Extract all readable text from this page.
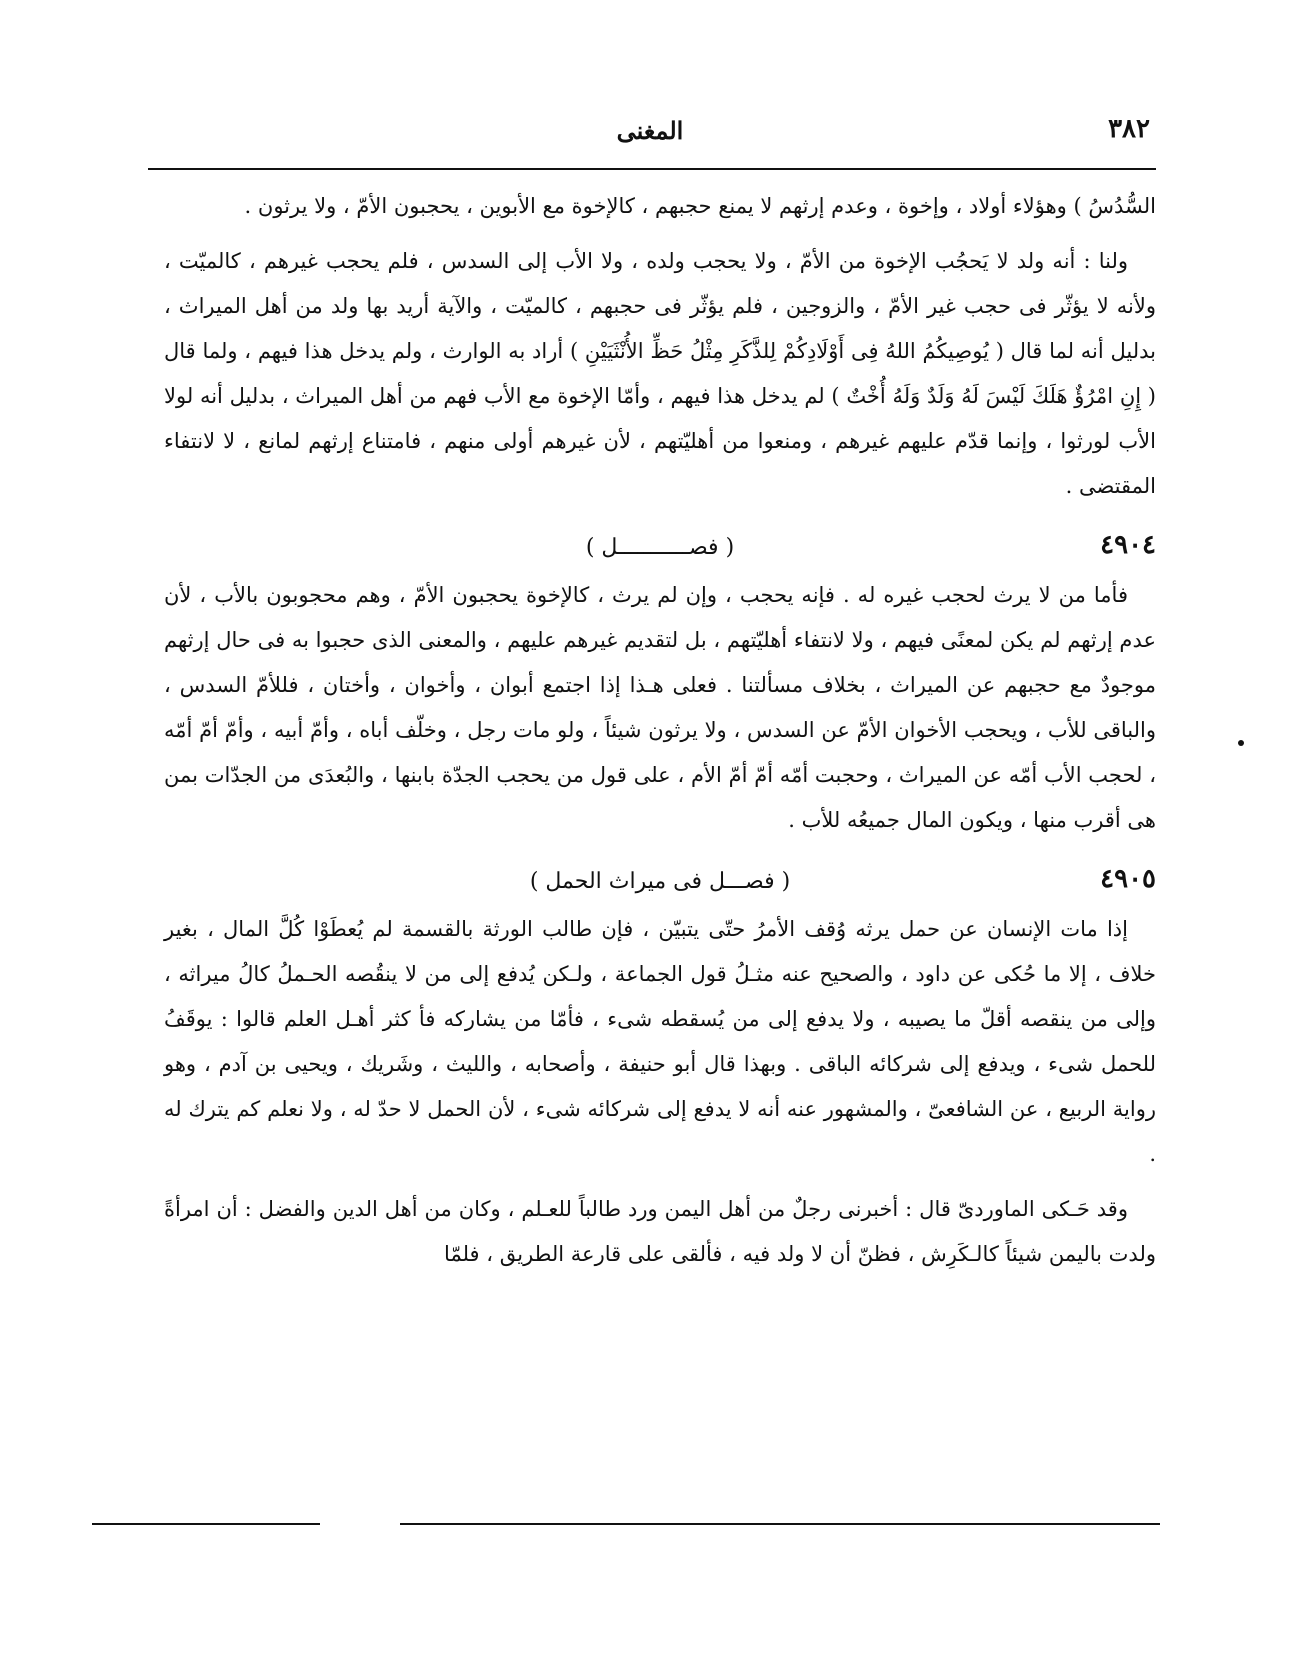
٣٨٢
المغنى

السُّدُسُ ) وهؤلاء أولاد ، وإخوة ، وعدم إرثهم لا يمنع حجبهم ، كالإخوة مع الأبوين ، يحجبون الأمّ ، ولا يرثون .

ولنا : أنه ولد لا يَحجُب الإخوة من الأمّ ، ولا يحجب ولده ، ولا الأب إلى السدس ، فلم يحجب غيرهم ، كالميّت ، ولأنه لا يؤثّر فى حجب غير الأمّ ، والزوجين ، فلم يؤثّر فى حجبهم ، كالميّت ، والآية أريد بها ولد من أهل الميراث ، بدليل أنه لما قال ( يُوصِيكُمُ اللهُ فِى أَوْلَادِكُمْ لِلذَّكَرِ مِثْلُ حَظِّ الأُنْثَيَيْنِ ) أراد به الوارث ، ولم يدخل هذا فيهم ، ولما قال ( إِنِ امْرُؤٌ هَلَكَ لَيْسَ لَهُ وَلَدٌ وَلَهُ أُخْتٌ ) لم يدخل هذا فيهم ، وأمّا الإخوة مع الأب فهم من أهل الميراث ، بدليل أنه لولا الأب لورثوا ، وإنما قدّم عليهم غيرهم ، ومنعوا من أهليّتهم ، لأن غيرهم أولى منهم ، فامتناع إرثهم لمانع ، لا لانتفاء المقتضى .

٤٩٠٤
( فصـــــــــــل )

فأما من لا يرث لحجب غيره له . فإنه يحجب ، وإن لم يرث ، كالإخوة يحجبون الأمّ ، وهم محجوبون بالأب ، لأن عدم إرثهم لم يكن لمعنًى فيهم ، ولا لانتفاء أهليّتهم ، بل لتقديم غيرهم عليهم ، والمعنى الذى حجبوا به فى حال إرثهم موجودٌ مع حجبهم عن الميراث ، بخلاف مسألتنا . فعلى هـذا إذا اجتمع أبوان ، وأخوان ، وأختان ، فللأمّ السدس ، والباقى للأب ، ويحجب الأخوان الأمّ عن السدس ، ولا يرثون شيئاً ، ولو مات رجل ، وخلّف أباه ، وأمّ أبيه ، وأمّ أمّ أمّه ، لحجب الأب أمّه عن الميراث ، وحجبت أمّه أمّ أمّ الأم ، على قول من يحجب الجدّة بابنها ، والبُعدَى من الجدّات بمن هى أقرب منها ، ويكون المال جميعُه للأب .

٤٩٠٥
( فصـــل فى ميراث الحمل )

إذا مات الإنسان عن حمل يرثه وُقف الأمرُ حتّى يتبيّن ، فإن طالب الورثة بالقسمة لم يُعطَوْا كُلَّ المال ، بغير خلاف ، إلا ما حُكى عن داود ، والصحيح عنه مثـلُ قول الجماعة ، ولـكن يُدفع إلى من لا ينقُصه الحـملُ كالُ ميراثه ، وإلى من ينقصه أقلّ ما يصيبه ، ولا يدفع إلى من يُسقطه شىء ، فأمّا من يشاركه فأ كثر أهـل العلم قالوا : يوقَفُ للحمل شىء ، ويدفع إلى شركائه الباقى . وبهذا قال أبو حنيفة ، وأصحابه ، والليث ، وشَريك ، ويحيى بن آدم ، وهو رواية الربيع ، عن الشافعىّ ، والمشهور عنه أنه لا يدفع إلى شركائه شىء ، لأن الحمل لا حدّ له ، ولا نعلم كم يترك له .

وقد حَـكى الماوردىّ قال : أخبرنى رجلٌ من أهل اليمن ورد طالباً للعـلم ، وكان من أهل الدين والفضل : أن امرأةً ولدت باليمن شيئاً كالـكَرِش ، فظنّ أن لا ولد فيه ، فألقى على قارعة الطريق ، فلمّا
